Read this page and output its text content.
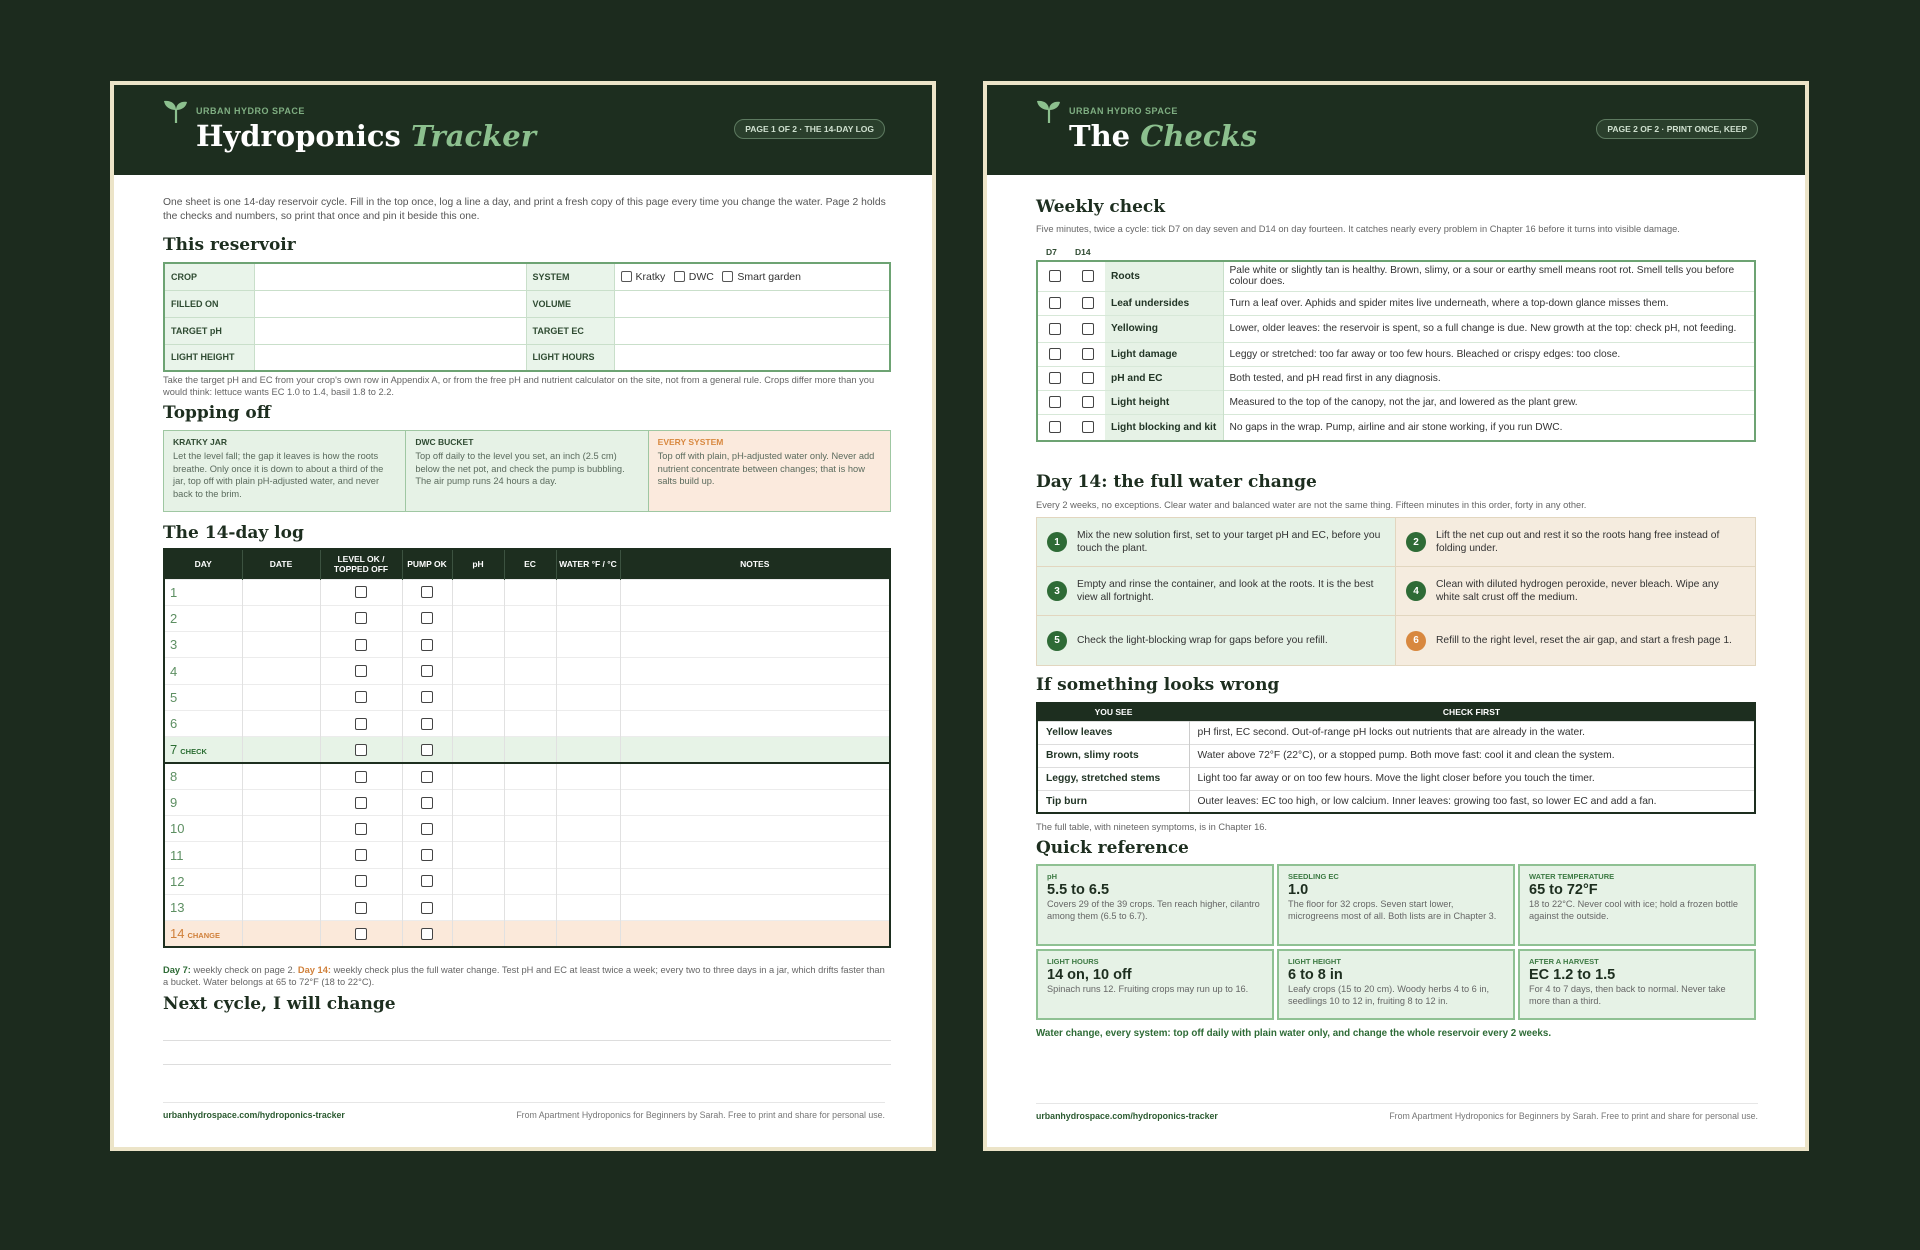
URBAN HYDRO SPACE
Hydroponics Tracker	PAGE 1 OF 2 · THE 14-DAY LOG
One sheet is one 14-day reservoir cycle. Fill in the top once, log a line a day, and print a fresh copy of this page every time you change the water. Page 2 holds the checks and numbers, so print that once and pin it beside this one.
This reservoir
CROP		SYSTEM	Kratky DWC Smart garden
FILLED ON		VOLUME	
TARGET pH		TARGET EC	
LIGHT HEIGHT		LIGHT HOURS	
Take the target pH and EC from your crop's own row in Appendix A, or from the free pH and nutrient calculator on the site, not from a general rule. Crops differ more than you would think: lettuce wants EC 1.0 to 1.4, basil 1.8 to 2.2.
Topping off
KRATKY JAR
Let the level fall; the gap it leaves is how the roots breathe. Only once it is down to about a third of the jar, top off with plain pH-adjusted water, and never back to the brim.
DWC BUCKET
Top off daily to the level you set, an inch (2.5 cm) below the net pot, and check the pump is bubbling. The air pump runs 24 hours a day.
EVERY SYSTEM
Top off with plain, pH-adjusted water only. Never add nutrient concentrate between changes; that is how salts build up.
The 14-day log
DAY	DATE	LEVEL OK / TOPPED OFF	PUMP OK	pH	EC	WATER °F / °C	NOTES
1							
2							
3							
4							
5							
6							
7 CHECK							
8							
9							
10							
11							
12							
13							
14 CHANGE							
Day 7: weekly check on page 2. Day 14: weekly check plus the full water change. Test pH and EC at least twice a week; every two to three days in a jar, which drifts faster than a bucket. Water belongs at 65 to 72°F (18 to 22°C).
Next cycle, I will change
urbanhydrospace.com/hydroponics-tracker	From Apartment Hydroponics for Beginners by Sarah. Free to print and share for personal use.
URBAN HYDRO SPACE
The Checks	PAGE 2 OF 2 · PRINT ONCE, KEEP
Weekly check
Five minutes, twice a cycle: tick D7 on day seven and D14 on day fourteen. It catches nearly every problem in Chapter 16 before it turns into visible damage.
D7 D14
		Roots	Pale white or slightly tan is healthy. Brown, slimy, or a sour or earthy smell means root rot. Smell tells you before colour does.
		Leaf undersides	Turn a leaf over. Aphids and spider mites live underneath, where a top-down glance misses them.
		Yellowing	Lower, older leaves: the reservoir is spent, so a full change is due. New growth at the top: check pH, not feeding.
		Light damage	Leggy or stretched: too far away or too few hours. Bleached or crispy edges: too close.
		pH and EC	Both tested, and pH read first in any diagnosis.
		Light height	Measured to the top of the canopy, not the jar, and lowered as the plant grew.
		Light blocking and kit	No gaps in the wrap. Pump, airline and air stone working, if you run DWC.
Day 14: the full water change
Every 2 weeks, no exceptions. Clear water and balanced water are not the same thing. Fifteen minutes in this order, forty in any other.
1
Mix the new solution first, set to your target pH and EC, before you touch the plant.
2
Lift the net cup out and rest it so the roots hang free instead of folding under.
3
Empty and rinse the container, and look at the roots. It is the best view all fortnight.
4
Clean with diluted hydrogen peroxide, never bleach. Wipe any white salt crust off the medium.
5	Check the light-blocking wrap for gaps before you refill.	6	Refill to the right level, reset the air gap, and start a fresh page 1.
If something looks wrong
YOU SEE	CHECK FIRST
Yellow leaves	pH first, EC second. Out-of-range pH locks out nutrients that are already in the water.
Brown, slimy roots	Water above 72°F (22°C), or a stopped pump. Both move fast: cool it and clean the system.
Leggy, stretched stems	Light too far away or on too few hours. Move the light closer before you touch the timer.
Tip burn	Outer leaves: EC too high, or low calcium. Inner leaves: growing too fast, so lower EC and add a fan.
The full table, with nineteen symptoms, is in Chapter 16.
Quick reference
pH
5.5 to 6.5
Covers 29 of the 39 crops. Ten reach higher, cilantro among them (6.5 to 6.7).
SEEDLING EC
1.0
The floor for 32 crops. Seven start lower, microgreens most of all. Both lists are in Chapter 3.
WATER TEMPERATURE
65 to 72°F
18 to 22°C. Never cool with ice; hold a frozen bottle against the outside.
LIGHT HOURS
14 on, 10 off
Spinach runs 12. Fruiting crops may run up to 16.
LIGHT HEIGHT
6 to 8 in
Leafy crops (15 to 20 cm). Woody herbs 4 to 6 in, seedlings 10 to 12 in, fruiting 8 to 12 in.
AFTER A HARVEST
EC 1.2 to 1.5
For 4 to 7 days, then back to normal. Never take more than a third.
Water change, every system: top off daily with plain water only, and change the whole reservoir every 2 weeks.
urbanhydrospace.com/hydroponics-tracker	From Apartment Hydroponics for Beginners by Sarah. Free to print and share for personal use.
